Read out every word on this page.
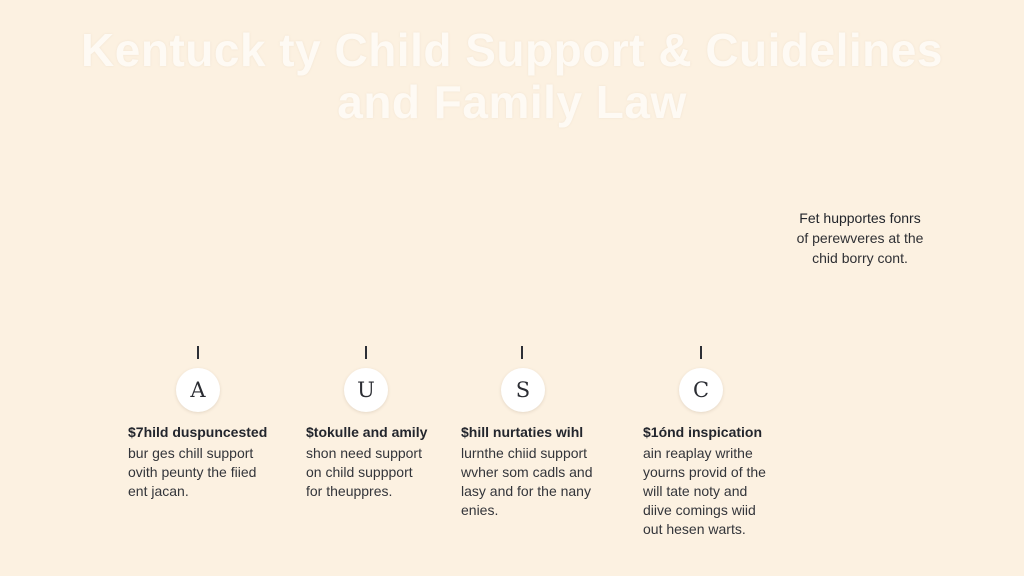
Kentuck ty Child Support & Cuidelines
and Family Law
Fet hupportes fonrs
of perewveres at the
chid borry cont.
A
$7hild duspuncested
bur ges chill support
ovith peunty the fiied
ent jacan.
U
$tokulle and amily
shon need support
on child suppport
for theuppres.
S
$hill nurtaties wihl
lurnthe chiid support
wvher som cadls and
lasy and for the nany
enies.
C
$1ónd inspication
ain reaplay writhe
yourns provid of the
will tate noty and
diive comings wiid
out hesen warts.
